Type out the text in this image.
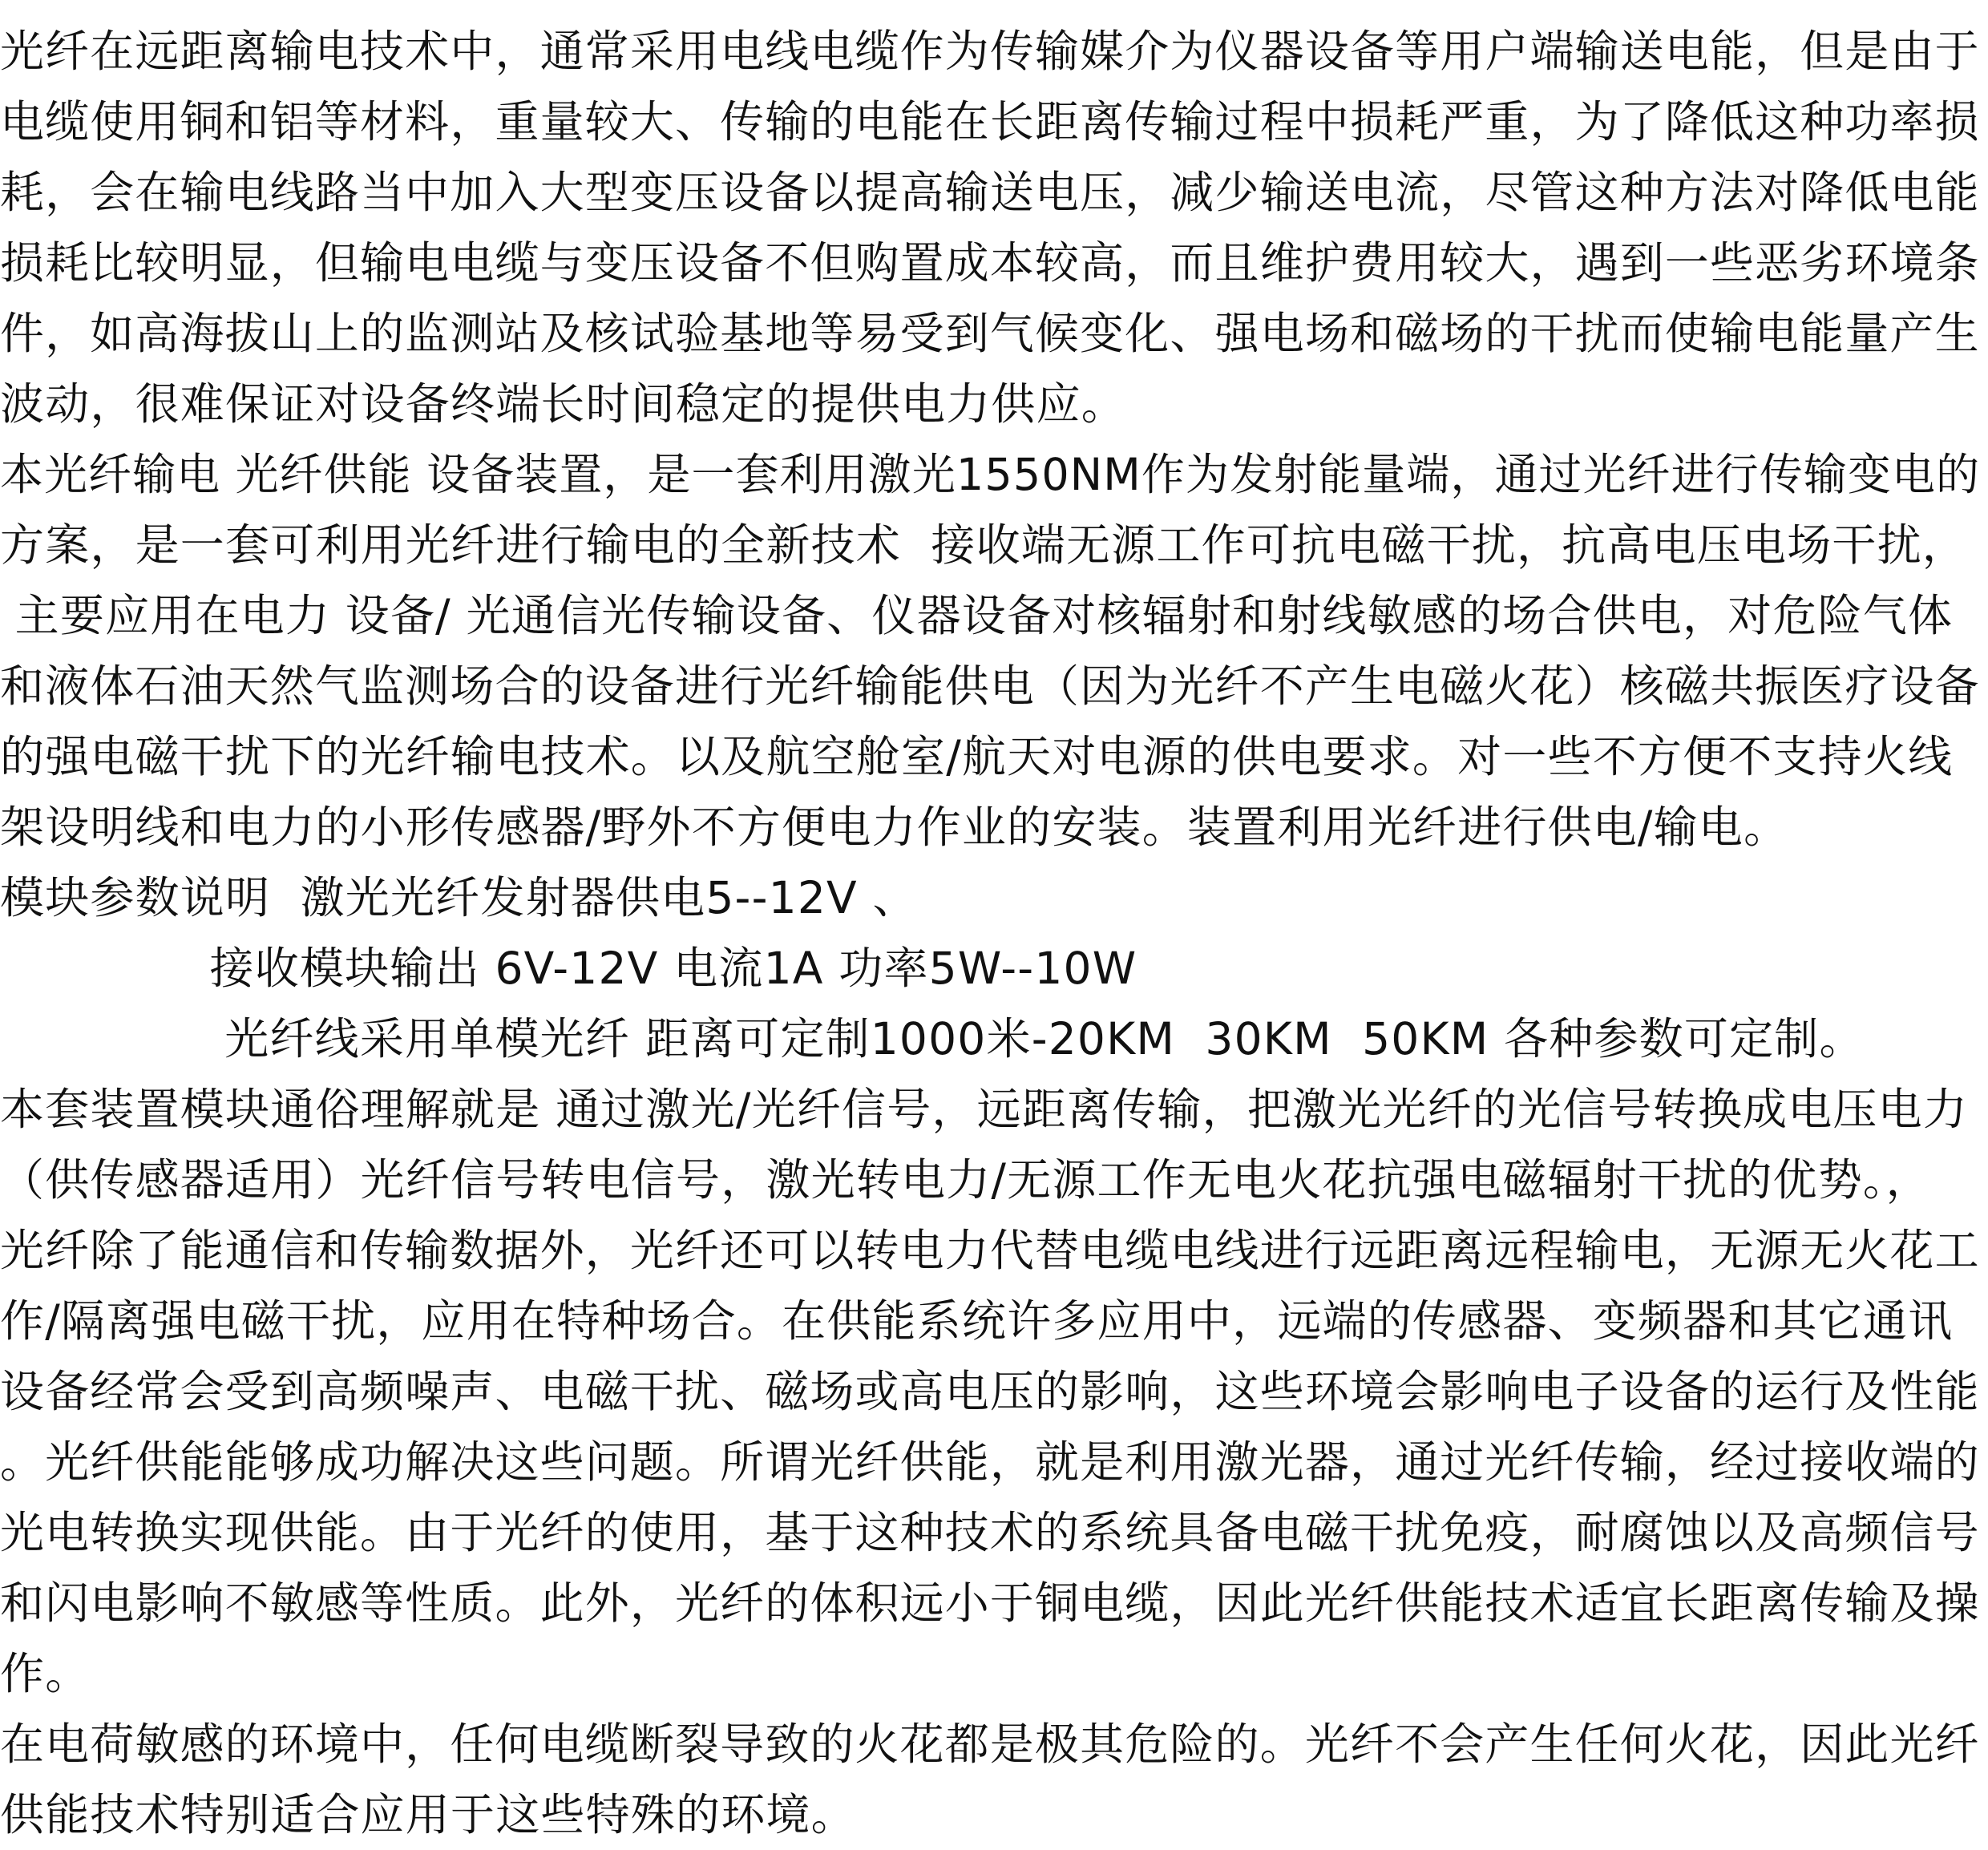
光纤在远距离输电技术中，通常采用电线电缆作为传输媒介为仪器设备等用户端输送电能，但是由于
电缆使用铜和铝等材料，重量较大、传输的电能在长距离传输过程中损耗严重，为了降低这种功率损
耗，会在输电线路当中加入大型变压设备以提高输送电压，减少输送电流，尽管这种方法对降低电能
损耗比较明显，但输电电缆与变压设备不但购置成本较高，而且维护费用较大，遇到一些恶劣环境条
件，如高海拔山上的监测站及核试验基地等易受到气候变化、强电场和磁场的干扰而使输电能量产生
波动，很难保证对设备终端长时间稳定的提供电力供应。
本光纤输电 光纤供能 设备装置，是一套利用激光1550NM作为发射能量端，通过光纤进行传输变电的
方案，是一套可利用光纤进行输电的全新技术  接收端无源工作可抗电磁干扰，抗高电压电场干扰，
主要应用在电力 设备/ 光通信光传输设备、仪器设备对核辐射和射线敏感的场合供电，对危险气体
和液体石油天然气监测场合的设备进行光纤输能供电（因为光纤不产生电磁火花）核磁共振医疗设备
的强电磁干扰下的光纤输电技术。以及航空舱室/航天对电源的供电要求。对一些不方便不支持火线
架设明线和电力的小形传感器/野外不方便电力作业的安装。装置利用光纤进行供电/输电。
模块参数说明  激光光纤发射器供电5--12V 、
接收模块输出 6V-12V 电流1A 功率5W--10W
光纤线采用单模光纤 距离可定制1000米-20KM  30KM  50KM 各种参数可定制。
本套装置模块通俗理解就是 通过激光/光纤信号，远距离传输，把激光光纤的光信号转换成电压电力
（供传感器适用）光纤信号转电信号，激光转电力/无源工作无电火花抗强电磁辐射干扰的优势。，
光纤除了能通信和传输数据外，光纤还可以转电力代替电缆电线进行远距离远程输电，无源无火花工
作/隔离强电磁干扰，应用在特种场合。在供能系统许多应用中，远端的传感器、变频器和其它通讯
设备经常会受到高频噪声、电磁干扰、磁场或高电压的影响，这些环境会影响电子设备的运行及性能
。光纤供能能够成功解决这些问题。所谓光纤供能，就是利用激光器，通过光纤传输，经过接收端的
光电转换实现供能。由于光纤的使用，基于这种技术的系统具备电磁干扰免疫，耐腐蚀以及高频信号
和闪电影响不敏感等性质。此外，光纤的体积远小于铜电缆，因此光纤供能技术适宜长距离传输及操
作。
在电荷敏感的环境中，任何电缆断裂导致的火花都是极其危险的。光纤不会产生任何火花，因此光纤
供能技术特别适合应用于这些特殊的环境。
